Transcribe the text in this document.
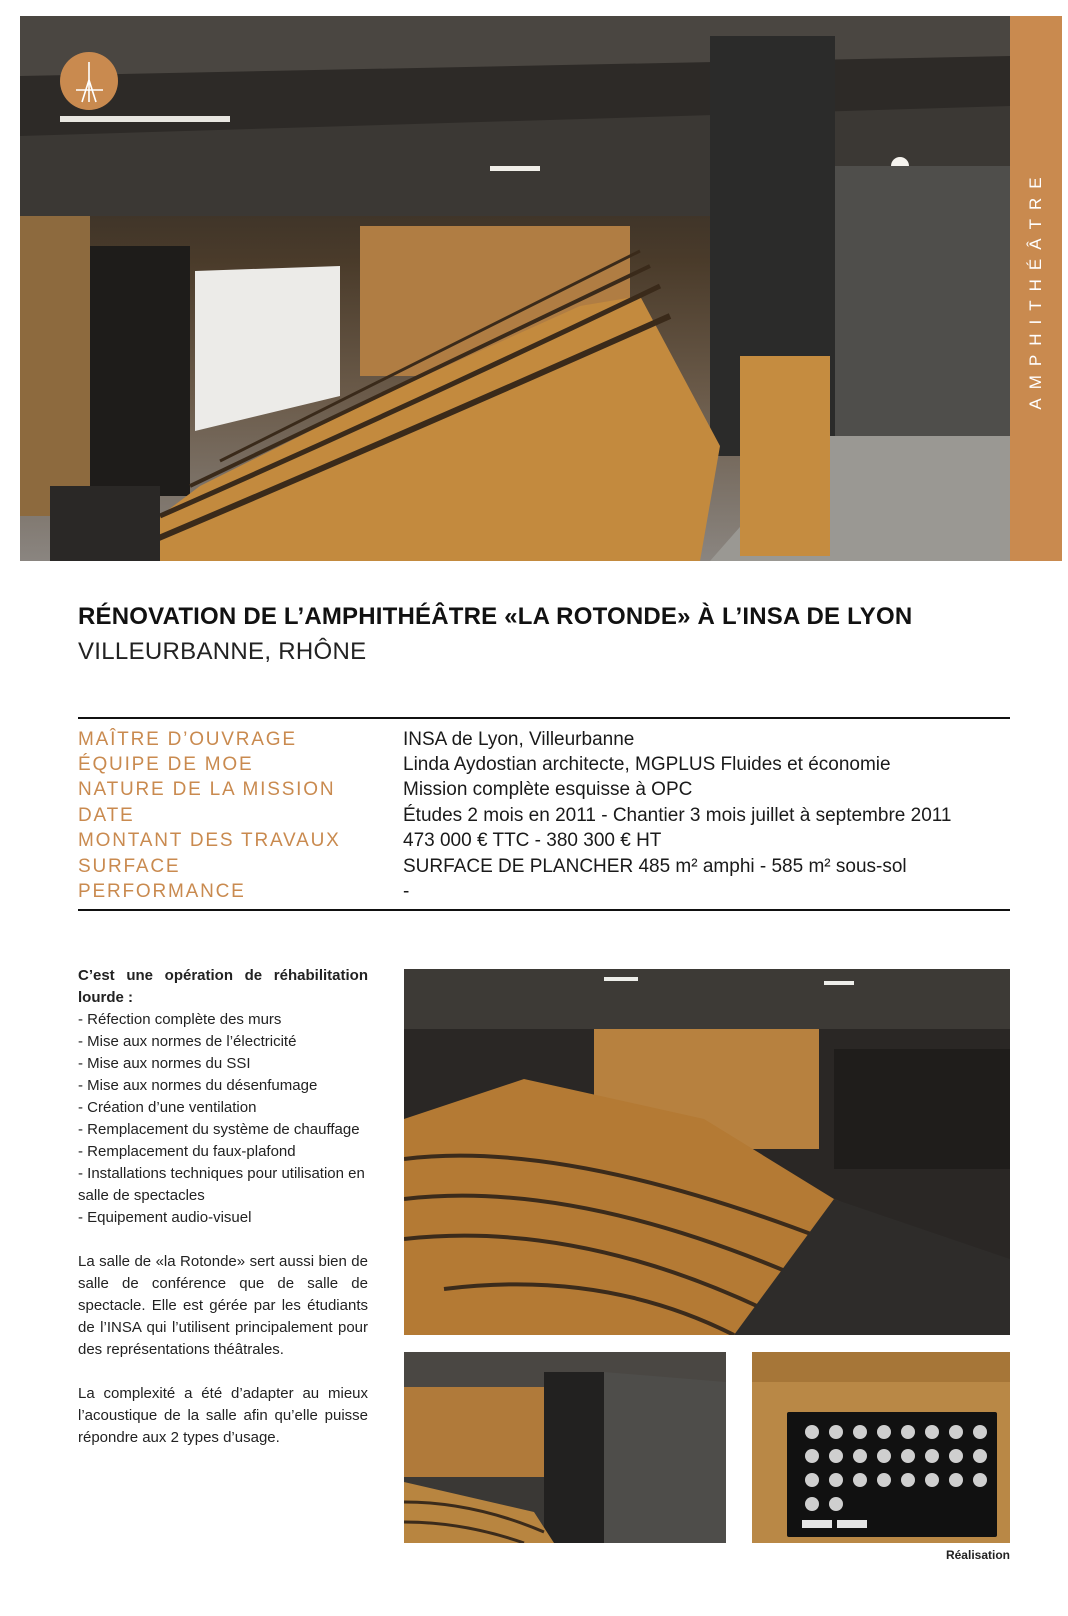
AMPHITHÉÂTRE
RÉNOVATION DE L’AMPHITHÉÂTRE «LA ROTONDE» À L’INSA DE LYON
VILLEURBANNE, RHÔNE
MAÎTRE D’OUVRAGE	INSA de Lyon, Villeurbanne
ÉQUIPE DE MOE	Linda Aydostian architecte, MGPLUS Fluides et économie
NATURE DE LA MISSION	Mission complète esquisse à OPC
DATE	Études 2 mois en 2011 - Chantier 3 mois juillet à septembre 2011
MONTANT DES TRAVAUX	473 000 € TTC - 380 300 € HT
SURFACE	SURFACE DE PLANCHER 485 m² amphi - 585 m² sous-sol
PERFORMANCE	-

C’est une opération de réhabilitation lourde :

- Réfection complète des murs
- Mise aux normes de l’électricité
- Mise aux normes du SSI
- Mise aux normes du désenfumage
- Création d’une ventilation
- Remplacement du système de chauffage
- Remplacement du faux-plafond
- Installations techniques pour utilisation en salle de spectacles
- Equipement audio-visuel

La salle de «la Rotonde» sert aussi bien de salle de conférence que de salle de spectacle. Elle est gérée par les étudiants de l’INSA qui l’utilisent principalement pour des représentations théâtrales.

La complexité a été d’adapter au mieux l’acoustique de la salle afin qu’elle puisse répondre aux 2 types d’usage.

Réalisation
